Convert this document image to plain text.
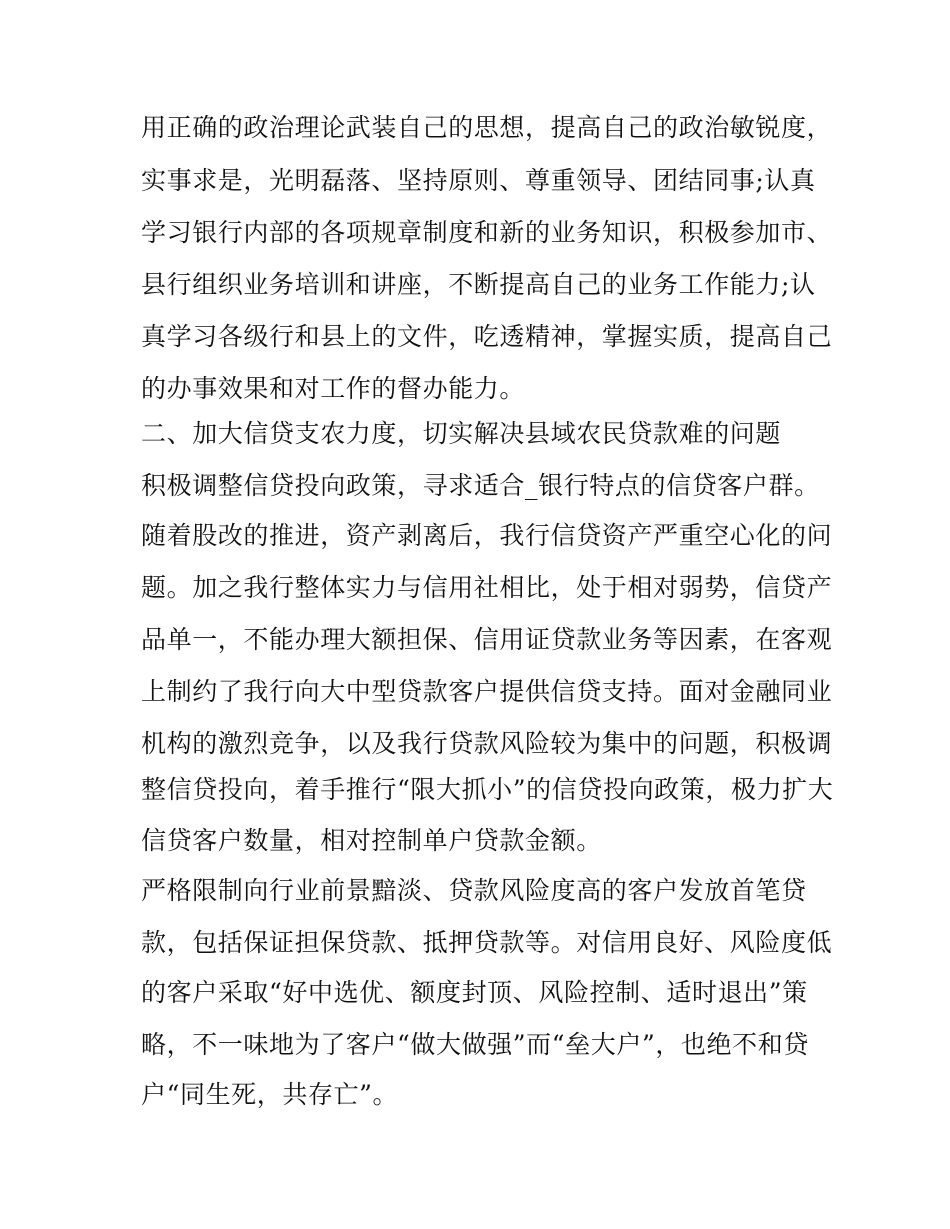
用正确的政治理论武装自己的思想，提高自己的政治敏锐度，
实事求是，光明磊落、坚持原则、尊重领导、团结同事;认真
学习银行内部的各项规章制度和新的业务知识，积极参加市、
县行组织业务培训和讲座，不断提高自己的业务工作能力;认
真学习各级行和县上的文件，吃透精神，掌握实质，提高自己
的办事效果和对工作的督办能力。
二、加大信贷支农力度，切实解决县域农民贷款难的问题
积极调整信贷投向政策，寻求适合_银行特点的信贷客户群。
随着股改的推进，资产剥离后，我行信贷资产严重空心化的问
题。加之我行整体实力与信用社相比，处于相对弱势，信贷产
品单一，不能办理大额担保、信用证贷款业务等因素，在客观
上制约了我行向大中型贷款客户提供信贷支持。面对金融同业
机构的激烈竞争，以及我行贷款风险较为集中的问题，积极调
整信贷投向，着手推行“限大抓小”的信贷投向政策，极力扩大
信贷客户数量，相对控制单户贷款金额。
严格限制向行业前景黯淡、贷款风险度高的客户发放首笔贷
款，包括保证担保贷款、抵押贷款等。对信用良好、风险度低
的客户采取“好中选优、额度封顶、风险控制、适时退出”策
略，不一味地为了客户“做大做强”而“垒大户”，也绝不和贷
户“同生死，共存亡”。
